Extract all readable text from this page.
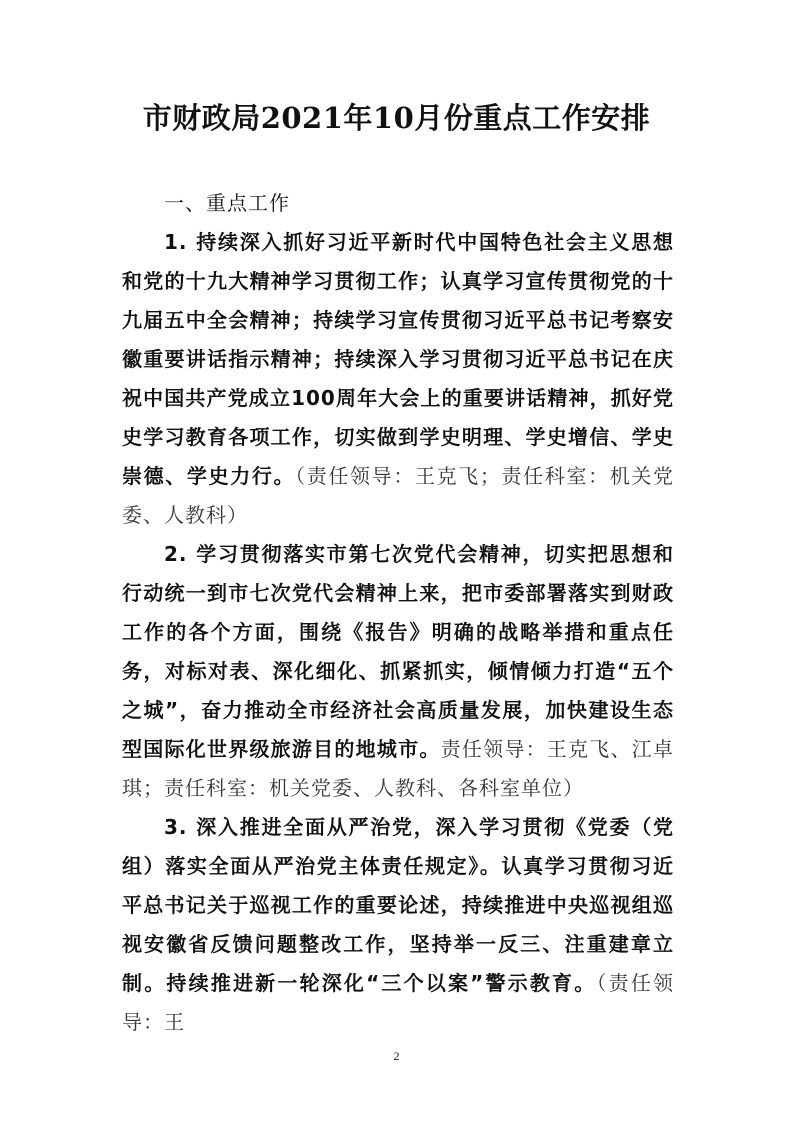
市财政局2021年10月份重点工作安排

一、重点工作

1. 持续深入抓好习近平新时代中国特色社会主义思想和党的十九大精神学习贯彻工作；认真学习宣传贯彻党的十九届五中全会精神；持续学习宣传贯彻习近平总书记考察安徽重要讲话指示精神；持续深入学习贯彻习近平总书记在庆祝中国共产党成立100周年大会上的重要讲话精神，抓好党史学习教育各项工作，切实做到学史明理、学史增信、学史崇德、学史力行。（责任领导：王克飞；责任科室：机关党委、人教科）

2. 学习贯彻落实市第七次党代会精神，切实把思想和行动统一到市七次党代会精神上来，把市委部署落实到财政工作的各个方面，围绕《报告》明确的战略举措和重点任务，对标对表、深化细化、抓紧抓实，倾情倾力打造“五个之城”，奋力推动全市经济社会高质量发展，加快建设生态型国际化世界级旅游目的地城市。责任领导：王克飞、江卓琪；责任科室：机关党委、人教科、各科室单位）

3. 深入推进全面从严治党，深入学习贯彻《党委（党组）落实全面从严治党主体责任规定》。认真学习贯彻习近平总书记关于巡视工作的重要论述，持续推进中央巡视组巡视安徽省反馈问题整改工作，坚持举一反三、注重建章立制。持续推进新一轮深化“三个以案”警示教育。（责任领导：王

2
